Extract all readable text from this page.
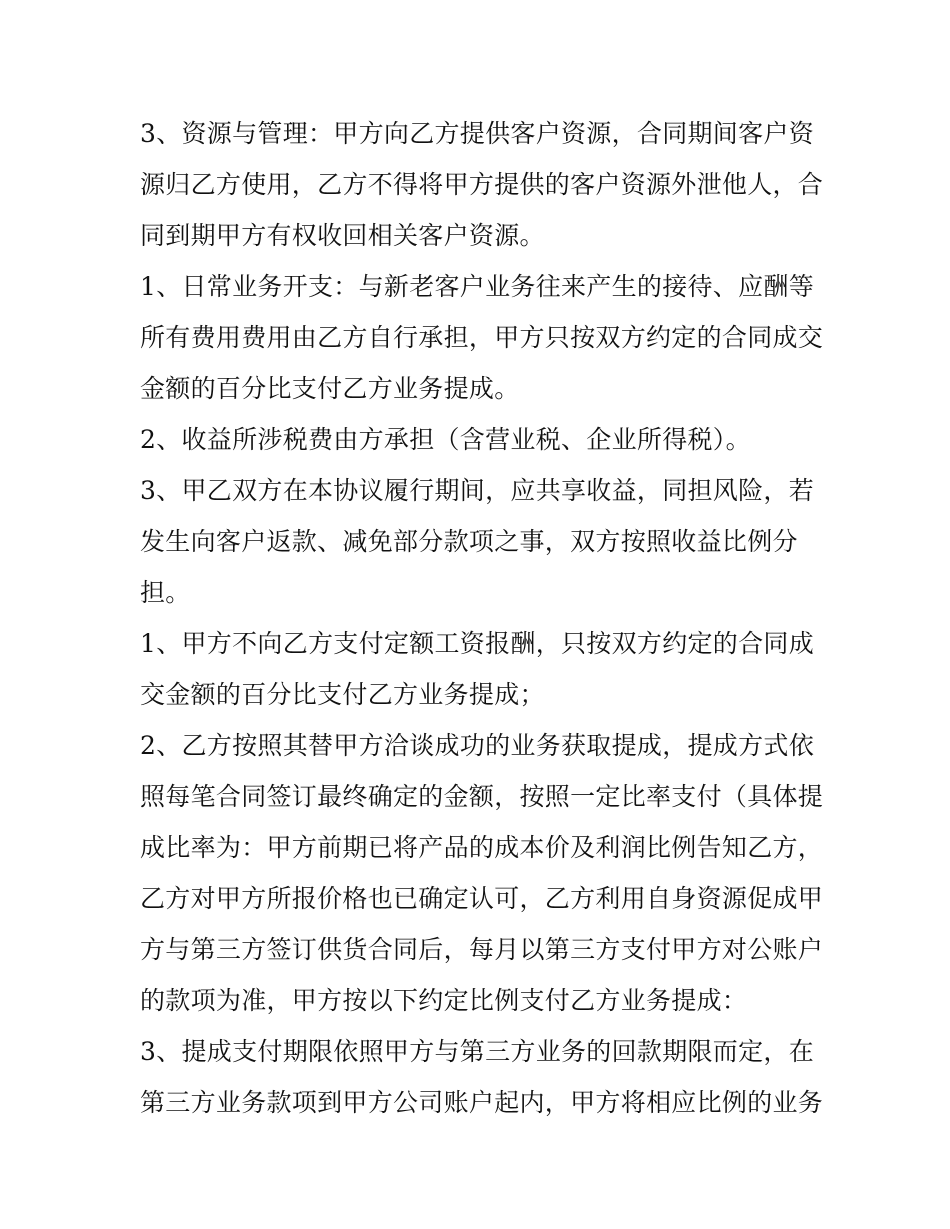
3、资源与管理：甲方向乙方提供客户资源，合同期间客户资
源归乙方使用，乙方不得将甲方提供的客户资源外泄他人，合
同到期甲方有权收回相关客户资源。

1、日常业务开支：与新老客户业务往来产生的接待、应酬等
所有费用费用由乙方自行承担，甲方只按双方约定的合同成交
金额的百分比支付乙方业务提成。

2、收益所涉税费由方承担（含营业税、企业所得税）。

3、甲乙双方在本协议履行期间，应共享收益，同担风险，若
发生向客户返款、减免部分款项之事，双方按照收益比例分
担。

1、甲方不向乙方支付定额工资报酬，只按双方约定的合同成
交金额的百分比支付乙方业务提成；

2、乙方按照其替甲方洽谈成功的业务获取提成，提成方式依
照每笔合同签订最终确定的金额，按照一定比率支付（具体提
成比率为：甲方前期已将产品的成本价及利润比例告知乙方，
乙方对甲方所报价格也已确定认可，乙方利用自身资源促成甲
方与第三方签订供货合同后，每月以第三方支付甲方对公账户
的款项为准，甲方按以下约定比例支付乙方业务提成：

3、提成支付期限依照甲方与第三方业务的回款期限而定，在
第三方业务款项到甲方公司账户起内，甲方将相应比例的业务
